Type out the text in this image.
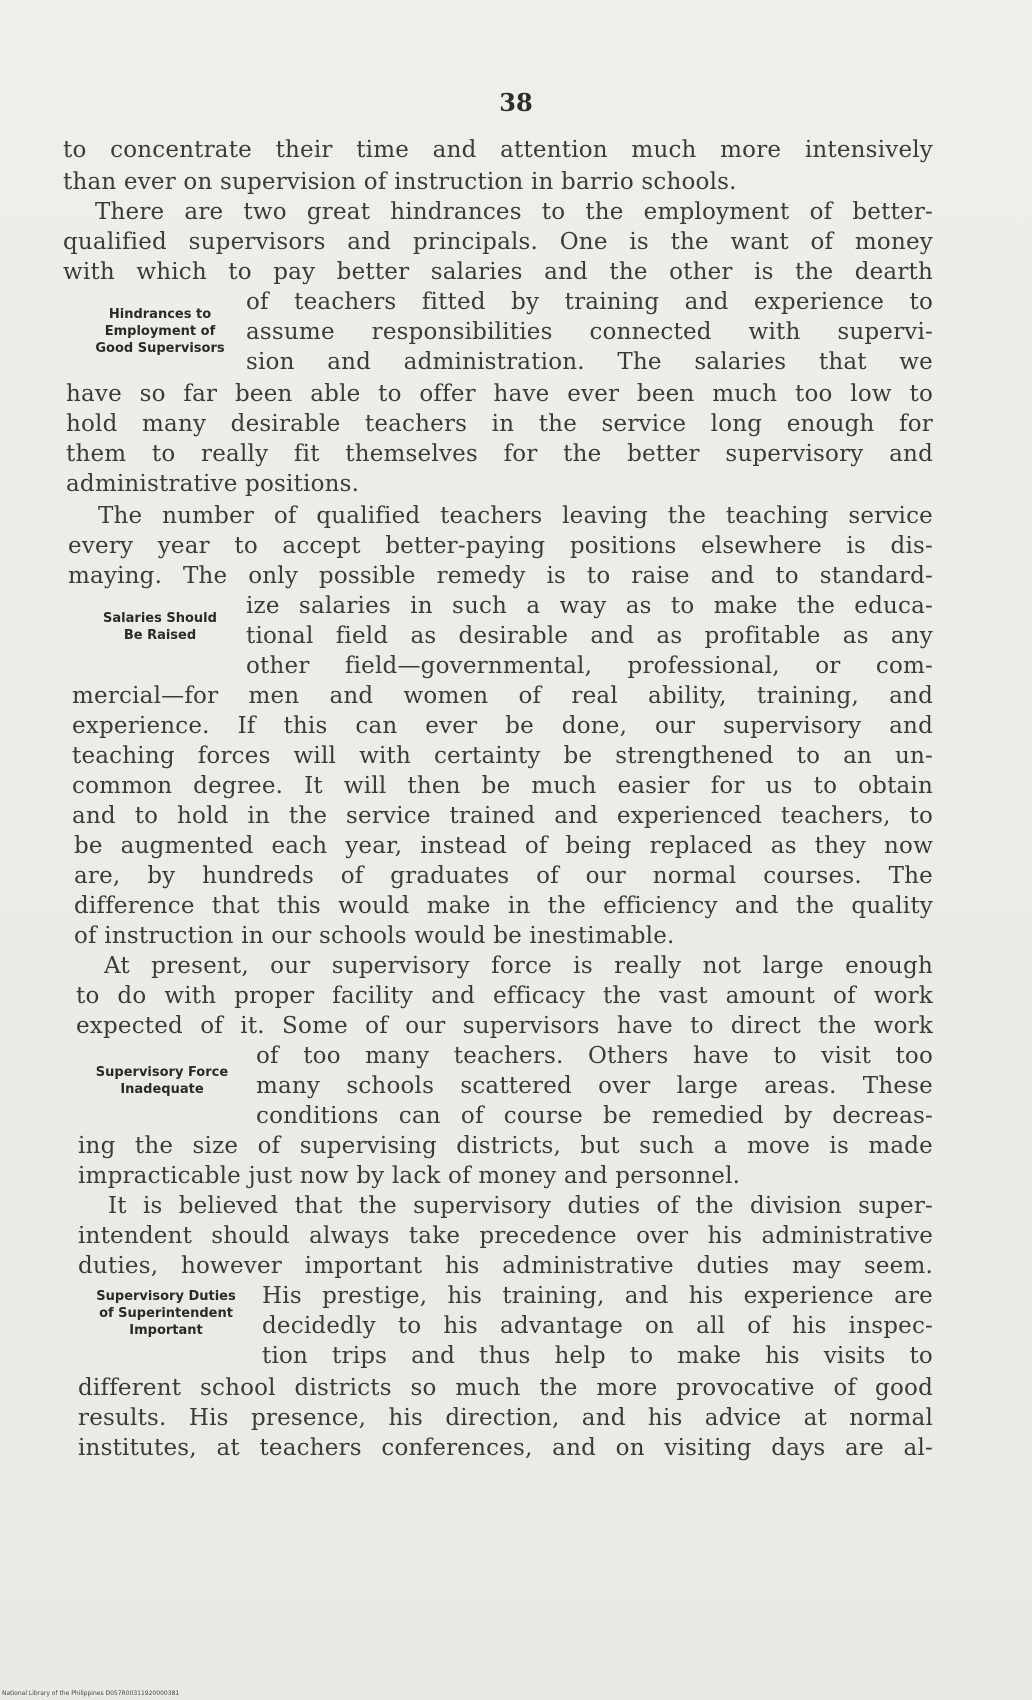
38
to concentrate their time and attention much more intensively
than ever on supervision of instruction in barrio schools.
There are two great hindrances to the employment of better-
qualified supervisors and principals. One is the want of money
with which to pay better salaries and the other is the dearth
of teachers fitted by training and experience to
assume responsibilities connected with supervi-
sion and administration. The salaries that we
have so far been able to offer have ever been much too low to
hold many desirable teachers in the service long enough for
them to really fit themselves for the better supervisory and
administrative positions.
The number of qualified teachers leaving the teaching service
every year to accept better-paying positions elsewhere is dis-
maying. The only possible remedy is to raise and to standard-
ize salaries in such a way as to make the educa-
tional field as desirable and as profitable as any
other field—governmental, professional, or com-
mercial—for men and women of real ability, training, and
experience. If this can ever be done, our supervisory and
teaching forces will with certainty be strengthened to an un-
common degree. It will then be much easier for us to obtain
and to hold in the service trained and experienced teachers, to
be augmented each year, instead of being replaced as they now
are, by hundreds of graduates of our normal courses. The
difference that this would make in the efficiency and the quality
of instruction in our schools would be inestimable.
At present, our supervisory force is really not large enough
to do with proper facility and efficacy the vast amount of work
expected of it. Some of our supervisors have to direct the work
of too many teachers. Others have to visit too
many schools scattered over large areas. These
conditions can of course be remedied by decreas-
ing the size of supervising districts, but such a move is made
impracticable just now by lack of money and personnel.
It is believed that the supervisory duties of the division super-
intendent should always take precedence over his administrative
duties, however important his administrative duties may seem.
His prestige, his training, and his experience are
decidedly to his advantage on all of his inspec-
tion trips and thus help to make his visits to
different school districts so much the more provocative of good
results. His presence, his direction, and his advice at normal
institutes, at teachers conferences, and on visiting days are al-
Hindrances to
Employment of
Good Supervisors
Salaries Should
Be Raised
Supervisory Force
Inadequate
Supervisory Duties
of Superintendent
Important
National Library of the Philippines D057R00311920000381
